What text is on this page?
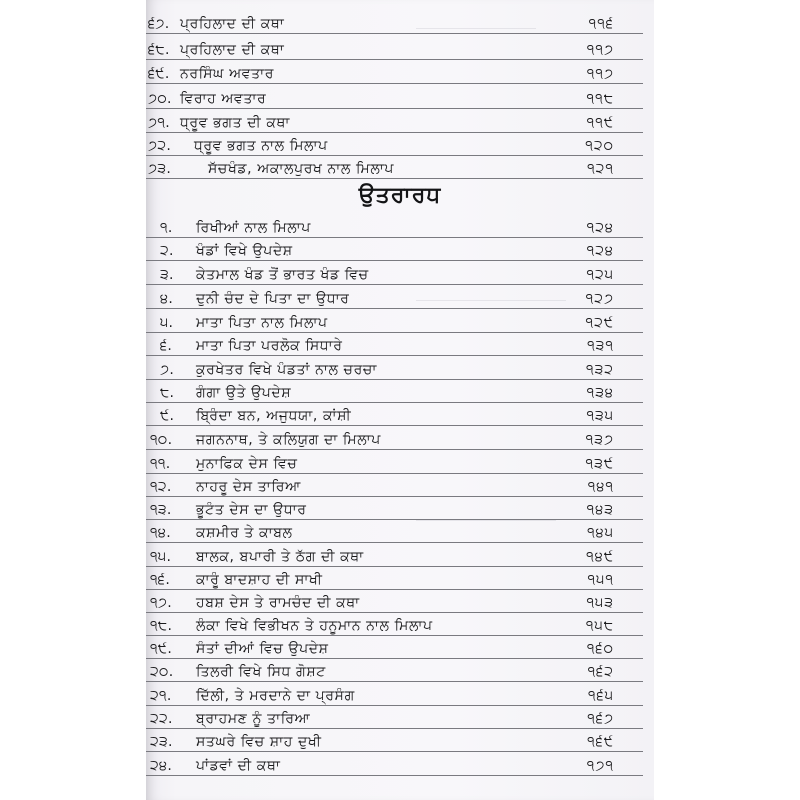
੬੭. ਪ੍ਰਹਿਲਾਦ ਦੀ ਕਥਾ	੧੧੬
੬੮. ਪ੍ਰਹਿਲਾਦ ਦੀ ਕਥਾ	੧੧੭
੬੯. ਨਰਸਿੰਘ ਅਵਤਾਰ	੧੧੭
੭੦. ਵਿਰਾਹ ਅਵਤਾਰ	੧੧੮
੭੧. ਧ੍ਰੂਵ ਭਗਤ ਦੀ ਕਥਾ	੧੧੯
੭੨. ਧ੍ਰੂਵ ਭਗਤ ਨਾਲ ਮਿਲਾਪ	੧੨੦
੭੩.	ਸੱਚਖੰਡ, ਅਕਾਲਪੁਰਖ ਨਾਲ ਮਿਲਾਪ	੧੨੧
੧. ਰਿਖੀਆਂ ਨਾਲ ਮਿਲਾਪ	੧੨੪
੨. ਖੰਡਾਂ ਵਿਖੇ ਉਪਦੇਸ਼	੧੨੪
੩. ਕੇਤਮਾਲ ਖੰਡ ਤੋਂ ਭਾਰਤ ਖੰਡ ਵਿਚ	੧੨੫
੪. ਦੁਨੀ ਚੰਦ ਦੇ ਪਿਤਾ ਦਾ ਉਧਾਰ	੧੨੭
੫. ਮਾਤਾ ਪਿਤਾ ਨਾਲ ਮਿਲਾਪ	੧੨੯
੬. ਮਾਤਾ ਪਿਤਾ ਪਰਲੋਕ ਸਿਧਾਰੇ	੧੩੧
੭. ਕੁਰਖੇਤਰ ਵਿਖੇ ਪੰਡਤਾਂ ਨਾਲ ਚਰਚਾ	੧੩੨
੮. ਗੰਗਾ ਉਤੇ ਉਪਦੇਸ਼	੧੩੪
੯. ਬ੍ਰਿੰਦਾ ਬਨ, ਅਜੁਧਯਾ, ਕਾਂਸ਼ੀ	੧੩੫
੧੦. ਜਗਨਨਾਥ, ਤੇ ਕਲਿਯੁਗ ਦਾ ਮਿਲਾਪ	੧੩੭
੧੧. ਮੁਨਾਫਿਕ ਦੇਸ ਵਿਚ	੧੩੯
੧੨. ਨਾਹਰੂ ਦੇਸ ਤਾਰਿਆ	੧੪੧
੧੩. ਭੂਟੰਤ ਦੇਸ ਦਾ ਉਧਾਰ	੧੪੩
੧੪. ਕਸ਼ਮੀਰ ਤੇ ਕਾਬਲ	੧੪੫
੧੫. ਬਾਲਕ, ਬਪਾਰੀ ਤੇ ਠੱਗ ਦੀ ਕਥਾ	੧੪੯
੧੬. ਕਾਰੂੰ ਬਾਦਸ਼ਾਹ ਦੀ ਸਾਖੀ	੧੫੧
੧੭. ਹਬਸ਼ ਦੇਸ ਤੇ ਰਾਮਚੰਦ ਦੀ ਕਥਾ	੧੫੩
੧੮. ਲੰਕਾ ਵਿਖੇ ਵਿਭੀਖਨ ਤੇ ਹਨੂਮਾਨ ਨਾਲ ਮਿਲਾਪ	੧੫੮
੧੯. ਸੰਤਾਂ ਦੀਆਂ ਵਿਚ ਉਪਦੇਸ਼	੧੬੦
੨੦. ਤਿਲਰੀ ਵਿਖੇ ਸਿਧ ਗੋਸ਼ਟ	੧੬੨
੨੧. ਦਿੱਲੀ, ਤੇ ਮਰਦਾਨੇ ਦਾ ਪ੍ਰਸੰਗ	੧੬੫
੨੨. ਬ੍ਰਾਹਮਣ ਨੂੰ ਤਾਰਿਆ	੧੬੭
੨੩. ਸਤਘਰੇ ਵਿਚ ਸ਼ਾਹ ਦੁਖੀ	੧੬੯
੨੪. ਪਾਂਡਵਾਂ ਦੀ ਕਥਾ	੧੭੧
ਉਤਰਾਰਧ
